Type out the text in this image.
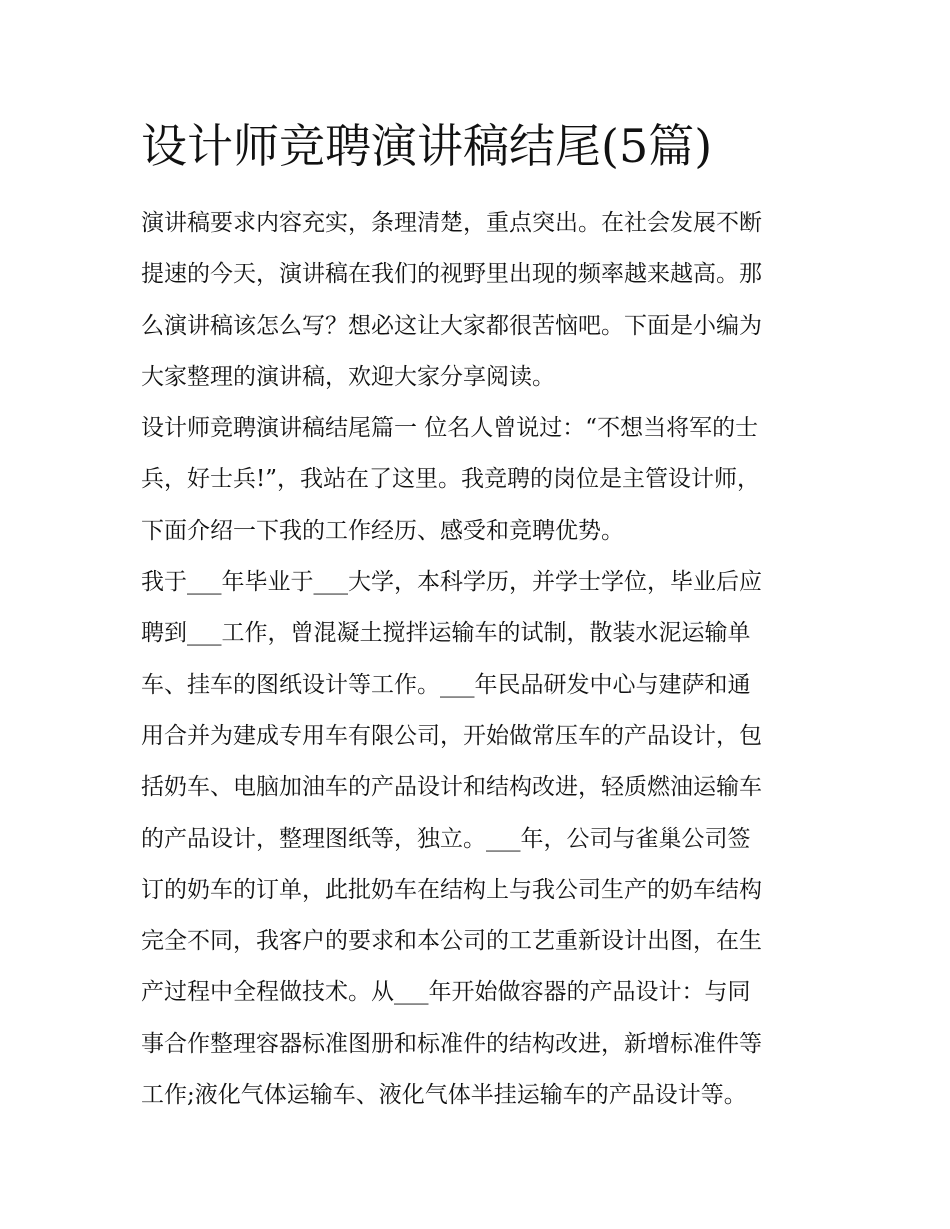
设计师竞聘演讲稿结尾(5篇)
演讲稿要求内容充实，条理清楚，重点突出。在社会发展不断
提速的今天，演讲稿在我们的视野里出现的频率越来越高。那
么演讲稿该怎么写？想必这让大家都很苦恼吧。下面是小编为
大家整理的演讲稿，欢迎大家分享阅读。
设计师竞聘演讲稿结尾篇一 位名人曾说过：“不想当将军的士
兵，好士兵!”，我站在了这里。我竞聘的岗位是主管设计师，
下面介绍一下我的工作经历、感受和竞聘优势。
我于___年毕业于___大学，本科学历，并学士学位，毕业后应
聘到___工作，曾混凝土搅拌运输车的试制，散装水泥运输单
车、挂车的图纸设计等工作。___年民品研发中心与建萨和通
用合并为建成专用车有限公司，开始做常压车的产品设计，包
括奶车、电脑加油车的产品设计和结构改进，轻质燃油运输车
的产品设计，整理图纸等，独立。___年，公司与雀巢公司签
订的奶车的订单，此批奶车在结构上与我公司生产的奶车结构
完全不同，我客户的要求和本公司的工艺重新设计出图，在生
产过程中全程做技术。从___年开始做容器的产品设计：与同
事合作整理容器标准图册和标准件的结构改进，新增标准件等
工作;液化气体运输车、液化气体半挂运输车的产品设计等。
